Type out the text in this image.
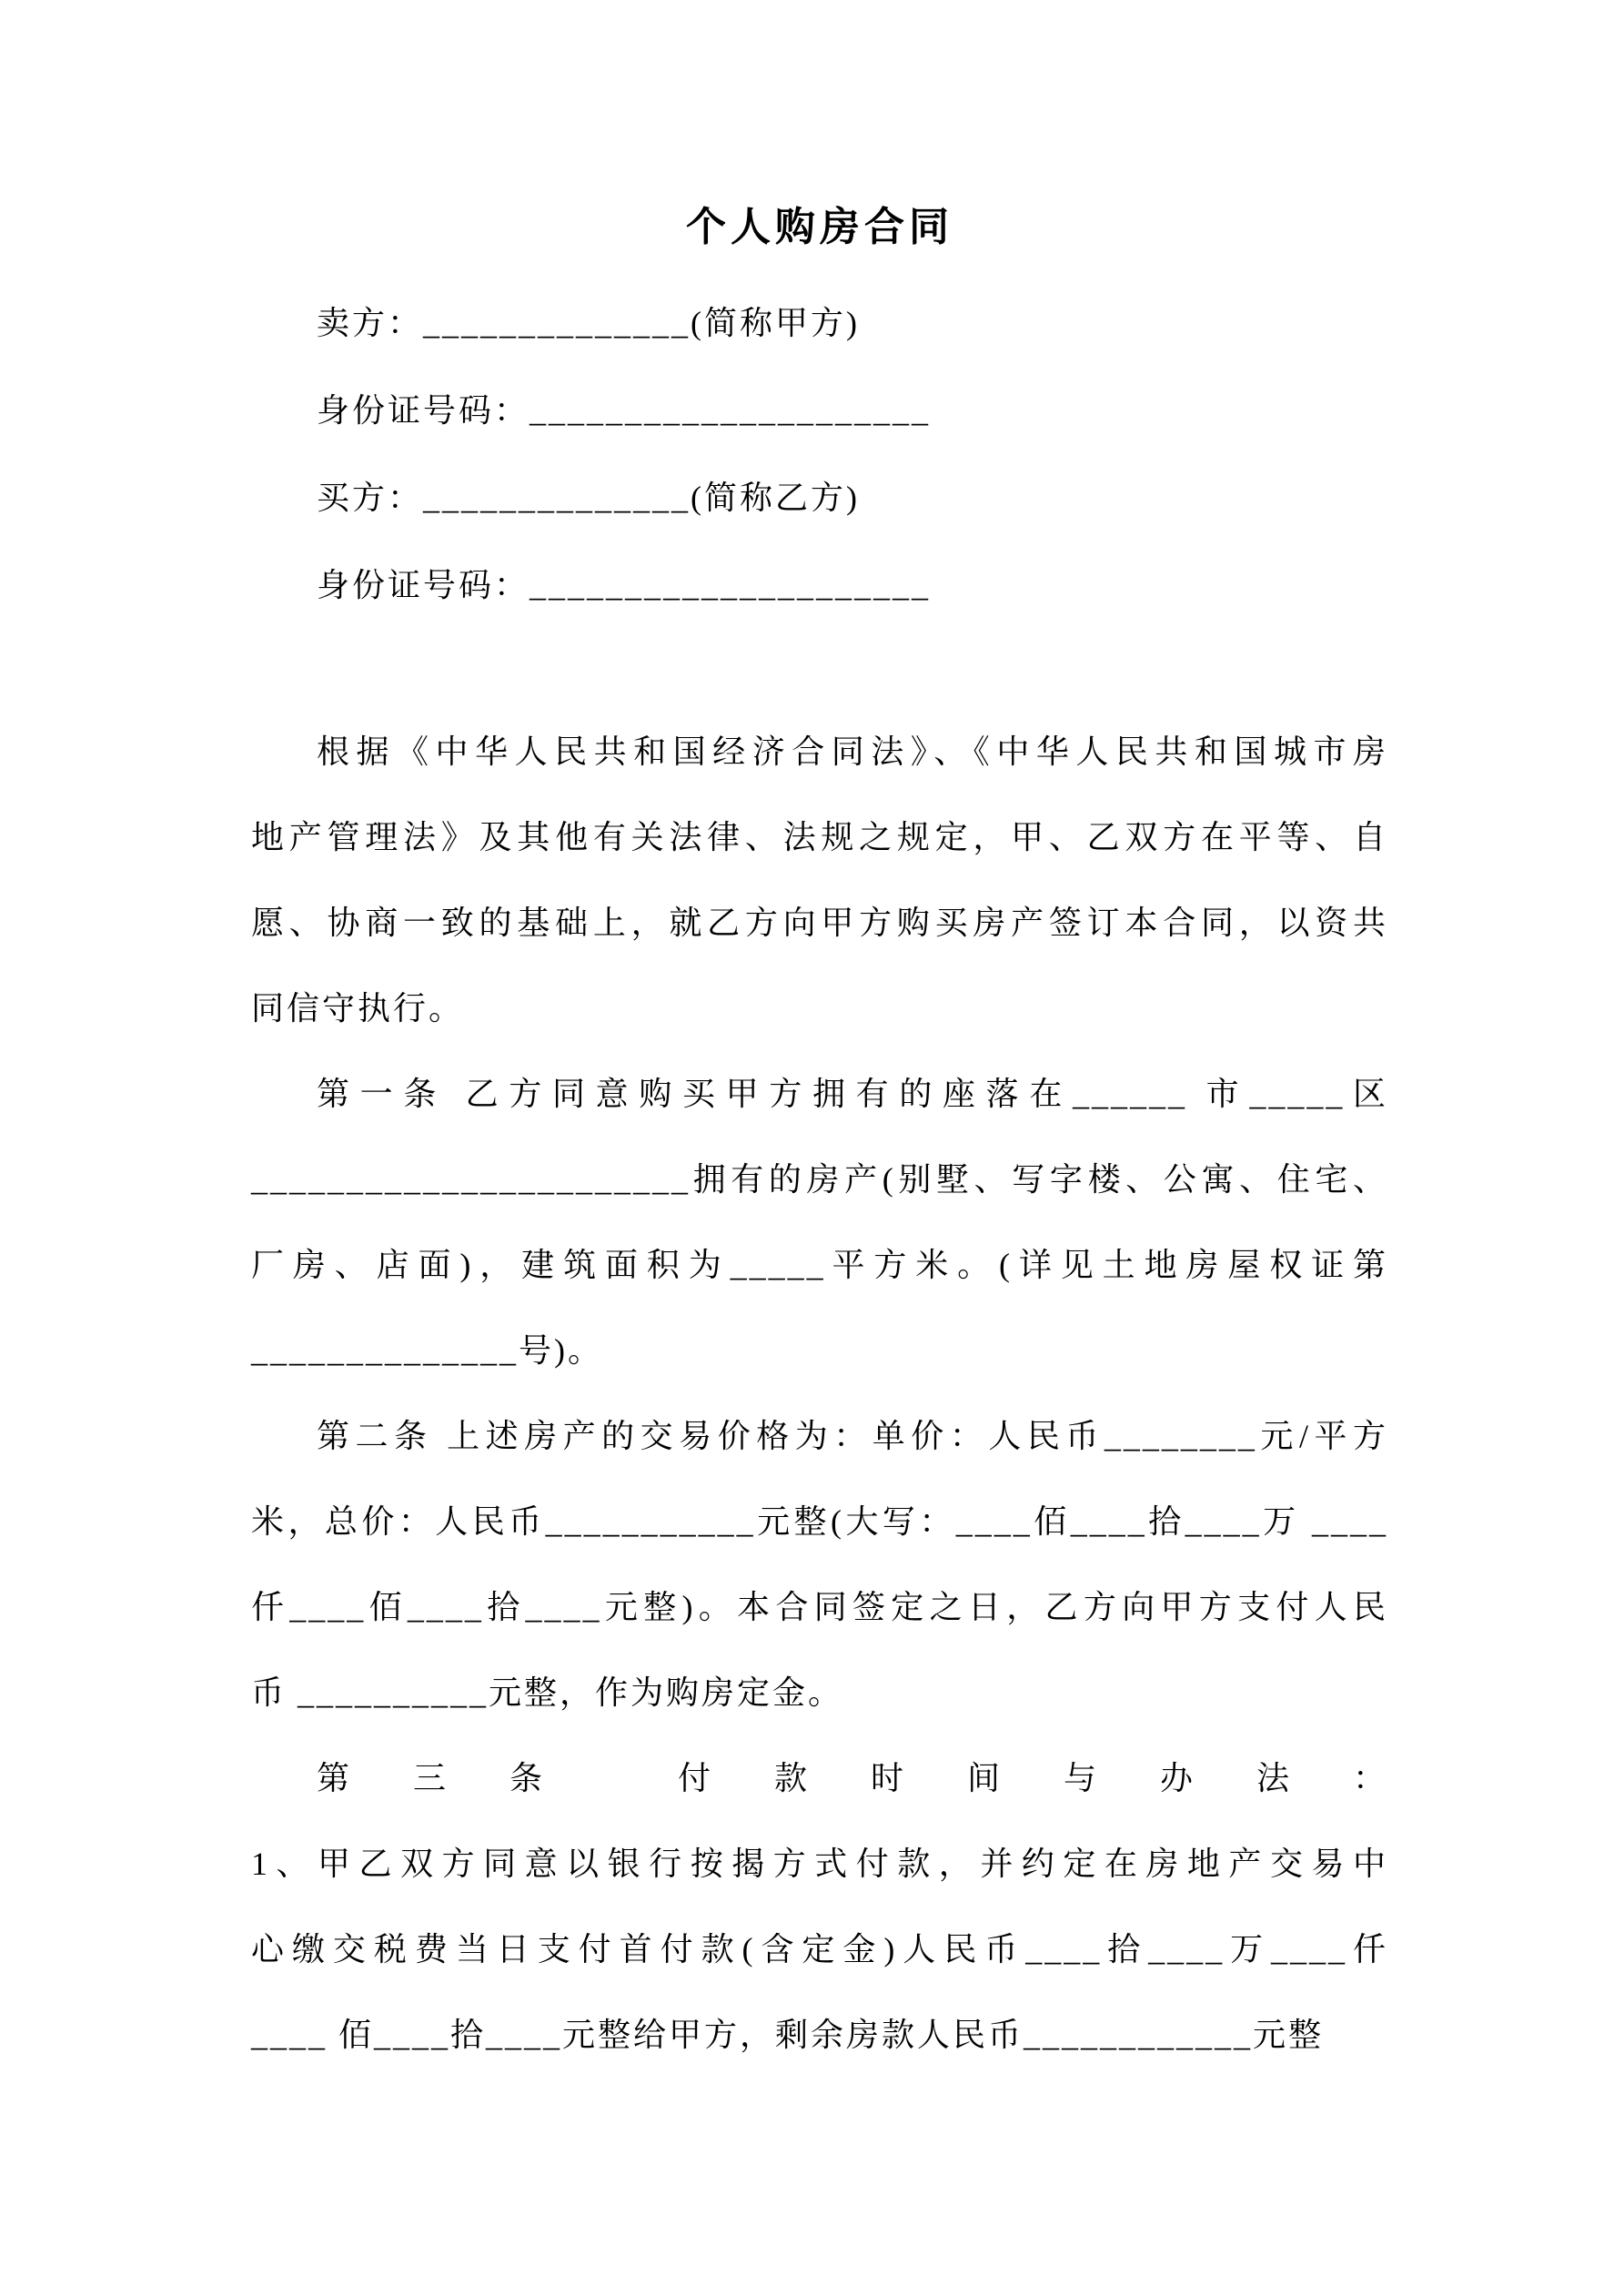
个人购房合同
卖方：______________(简称甲方)
身份证号码：_____________________
买方：______________(简称乙方)
身份证号码：_____________________
根据《中华人民共和国经济合同法》、《中华人民共和国城市房
地产管理法》及其他有关法律、法规之规定，甲、乙双方在平等、自
愿、协商一致的基础上，就乙方向甲方购买房产签订本合同，以资共
同信守执行。
第一条 乙方同意购买甲方拥有的座落在______ 市_____区
_______________________拥有的房产(别墅、写字楼、公寓、住宅、
厂房、店面)，建筑面积为_____平方米。(详见土地房屋权证第
______________号)。
第二条 上述房产的交易价格为：单价：人民币________元/平方
米，总价：人民币___________元整(大写：____佰____拾____万 ____
仟____佰____拾____元整)。本合同签定之日，乙方向甲方支付人民
币 __________元整，作为购房定金。
第三条 付款时间与办法：
1、甲乙双方同意以银行按揭方式付款，并约定在房地产交易中
心缴交税费当日支付首付款(含定金)人民币____拾____万____仟
____ 佰____拾____元整给甲方，剩余房款人民币____________元整
